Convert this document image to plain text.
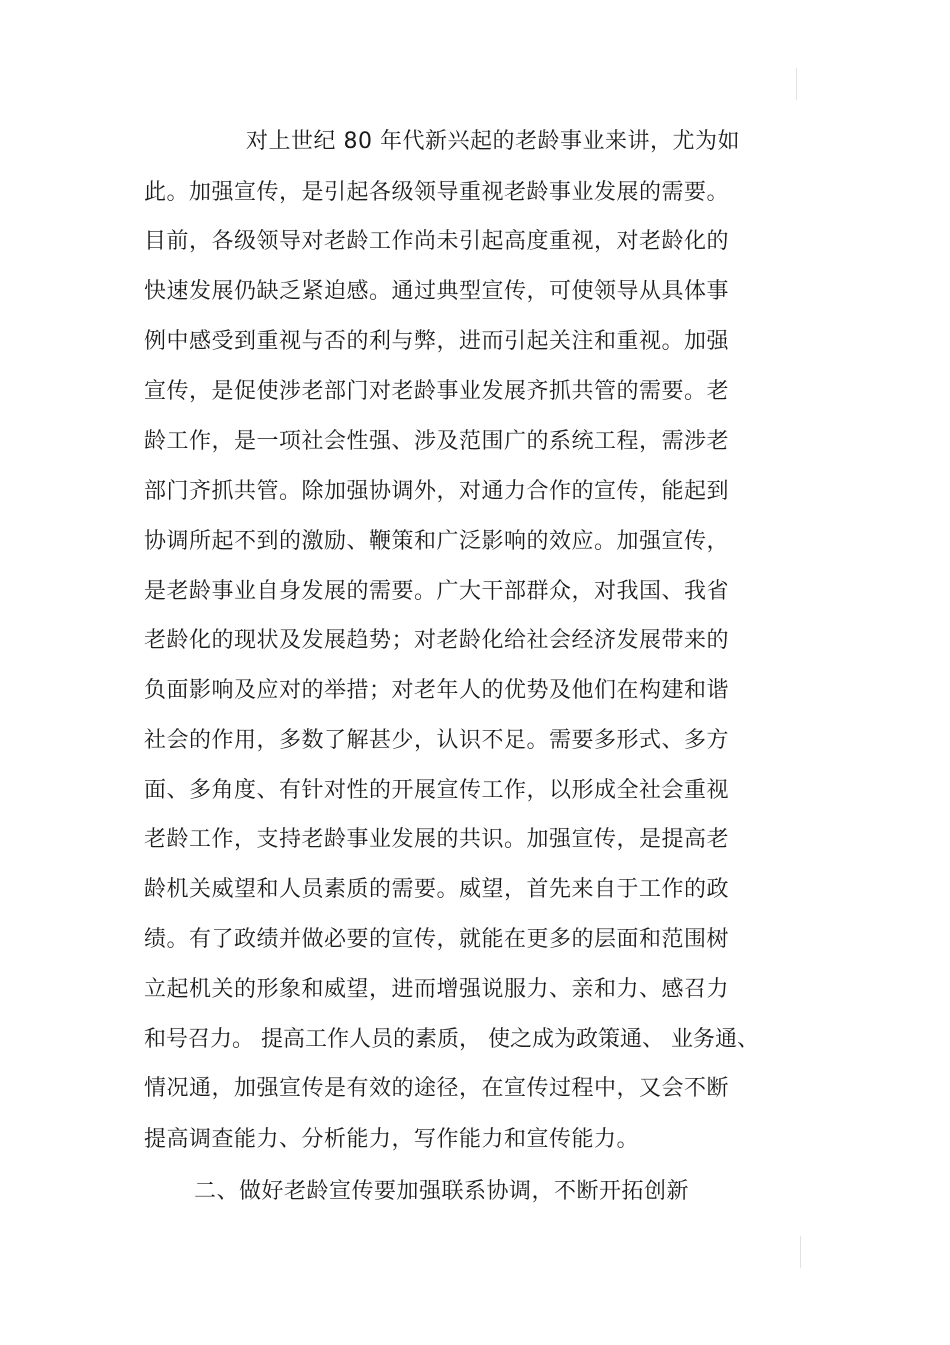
对上世纪 80 年代新兴起的老龄事业来讲，尤为如
此。加强宣传，是引起各级领导重视老龄事业发展的需要。
目前，各级领导对老龄工作尚未引起高度重视，对老龄化的
快速发展仍缺乏紧迫感。通过典型宣传，可使领导从具体事
例中感受到重视与否的利与弊，进而引起关注和重视。加强
宣传，是促使涉老部门对老龄事业发展齐抓共管的需要。老
龄工作，是一项社会性强、涉及范围广的系统工程，需涉老
部门齐抓共管。除加强协调外，对通力合作的宣传，能起到
协调所起不到的激励、鞭策和广泛影响的效应。加强宣传，
是老龄事业自身发展的需要。广大干部群众，对我国、我省
老龄化的现状及发展趋势；对老龄化给社会经济发展带来的
负面影响及应对的举措；对老年人的优势及他们在构建和谐
社会的作用，多数了解甚少，认识不足。需要多形式、多方
面、多角度、有针对性的开展宣传工作，以形成全社会重视
老龄工作，支持老龄事业发展的共识。加强宣传，是提高老
龄机关威望和人员素质的需要。威望，首先来自于工作的政
绩。有了政绩并做必要的宣传，就能在更多的层面和范围树
立起机关的形象和威望，进而增强说服力、亲和力、感召力
和号召力。 提高工作人员的素质， 使之成为政策通、 业务通、
情况通，加强宣传是有效的途径，在宣传过程中，又会不断
提高调查能力、分析能力，写作能力和宣传能力。
二、做好老龄宣传要加强联系协调，不断开拓创新
